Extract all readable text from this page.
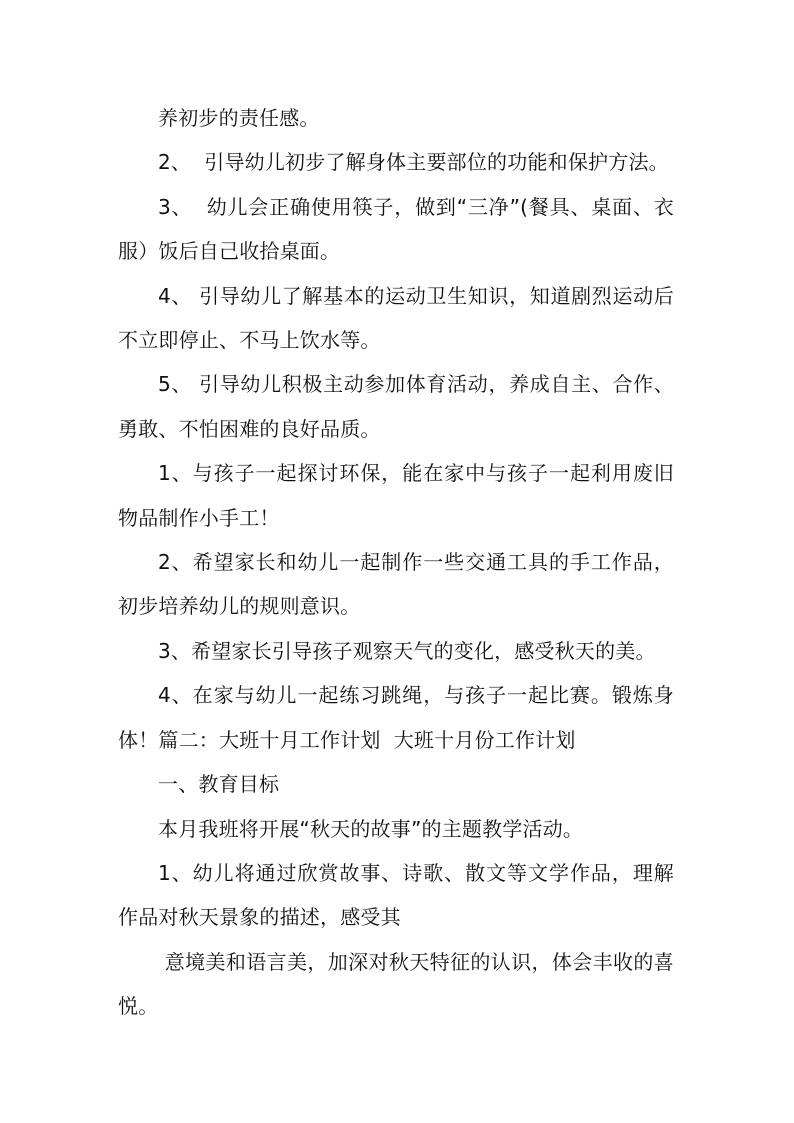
养初步的责任感。

2、  引导幼儿初步了解身体主要部位的功能和保护方法。

3、  幼儿会正确使用筷子，做到“三净”(餐具、桌面、衣服）饭后自己收拾桌面。

4、 引导幼儿了解基本的运动卫生知识，知道剧烈运动后不立即停止、不马上饮水等。

5、 引导幼儿积极主动参加体育活动，养成自主、合作、勇敢、不怕困难的良好品质。

1、与孩子一起探讨环保，能在家中与孩子一起利用废旧物品制作小手工！

2、希望家长和幼儿一起制作一些交通工具的手工作品，初步培养幼儿的规则意识。

3、希望家长引导孩子观察天气的变化，感受秋天的美。

4、在家与幼儿一起练习跳绳，与孩子一起比赛。锻炼身体！篇二：大班十月工作计划  大班十月份工作计划

一、教育目标

本月我班将开展“秋天的故事”的主题教学活动。

1、幼儿将通过欣赏故事、诗歌、散文等文学作品，理解作品对秋天景象的描述，感受其

意境美和语言美，加深对秋天特征的认识，体会丰收的喜悦。
